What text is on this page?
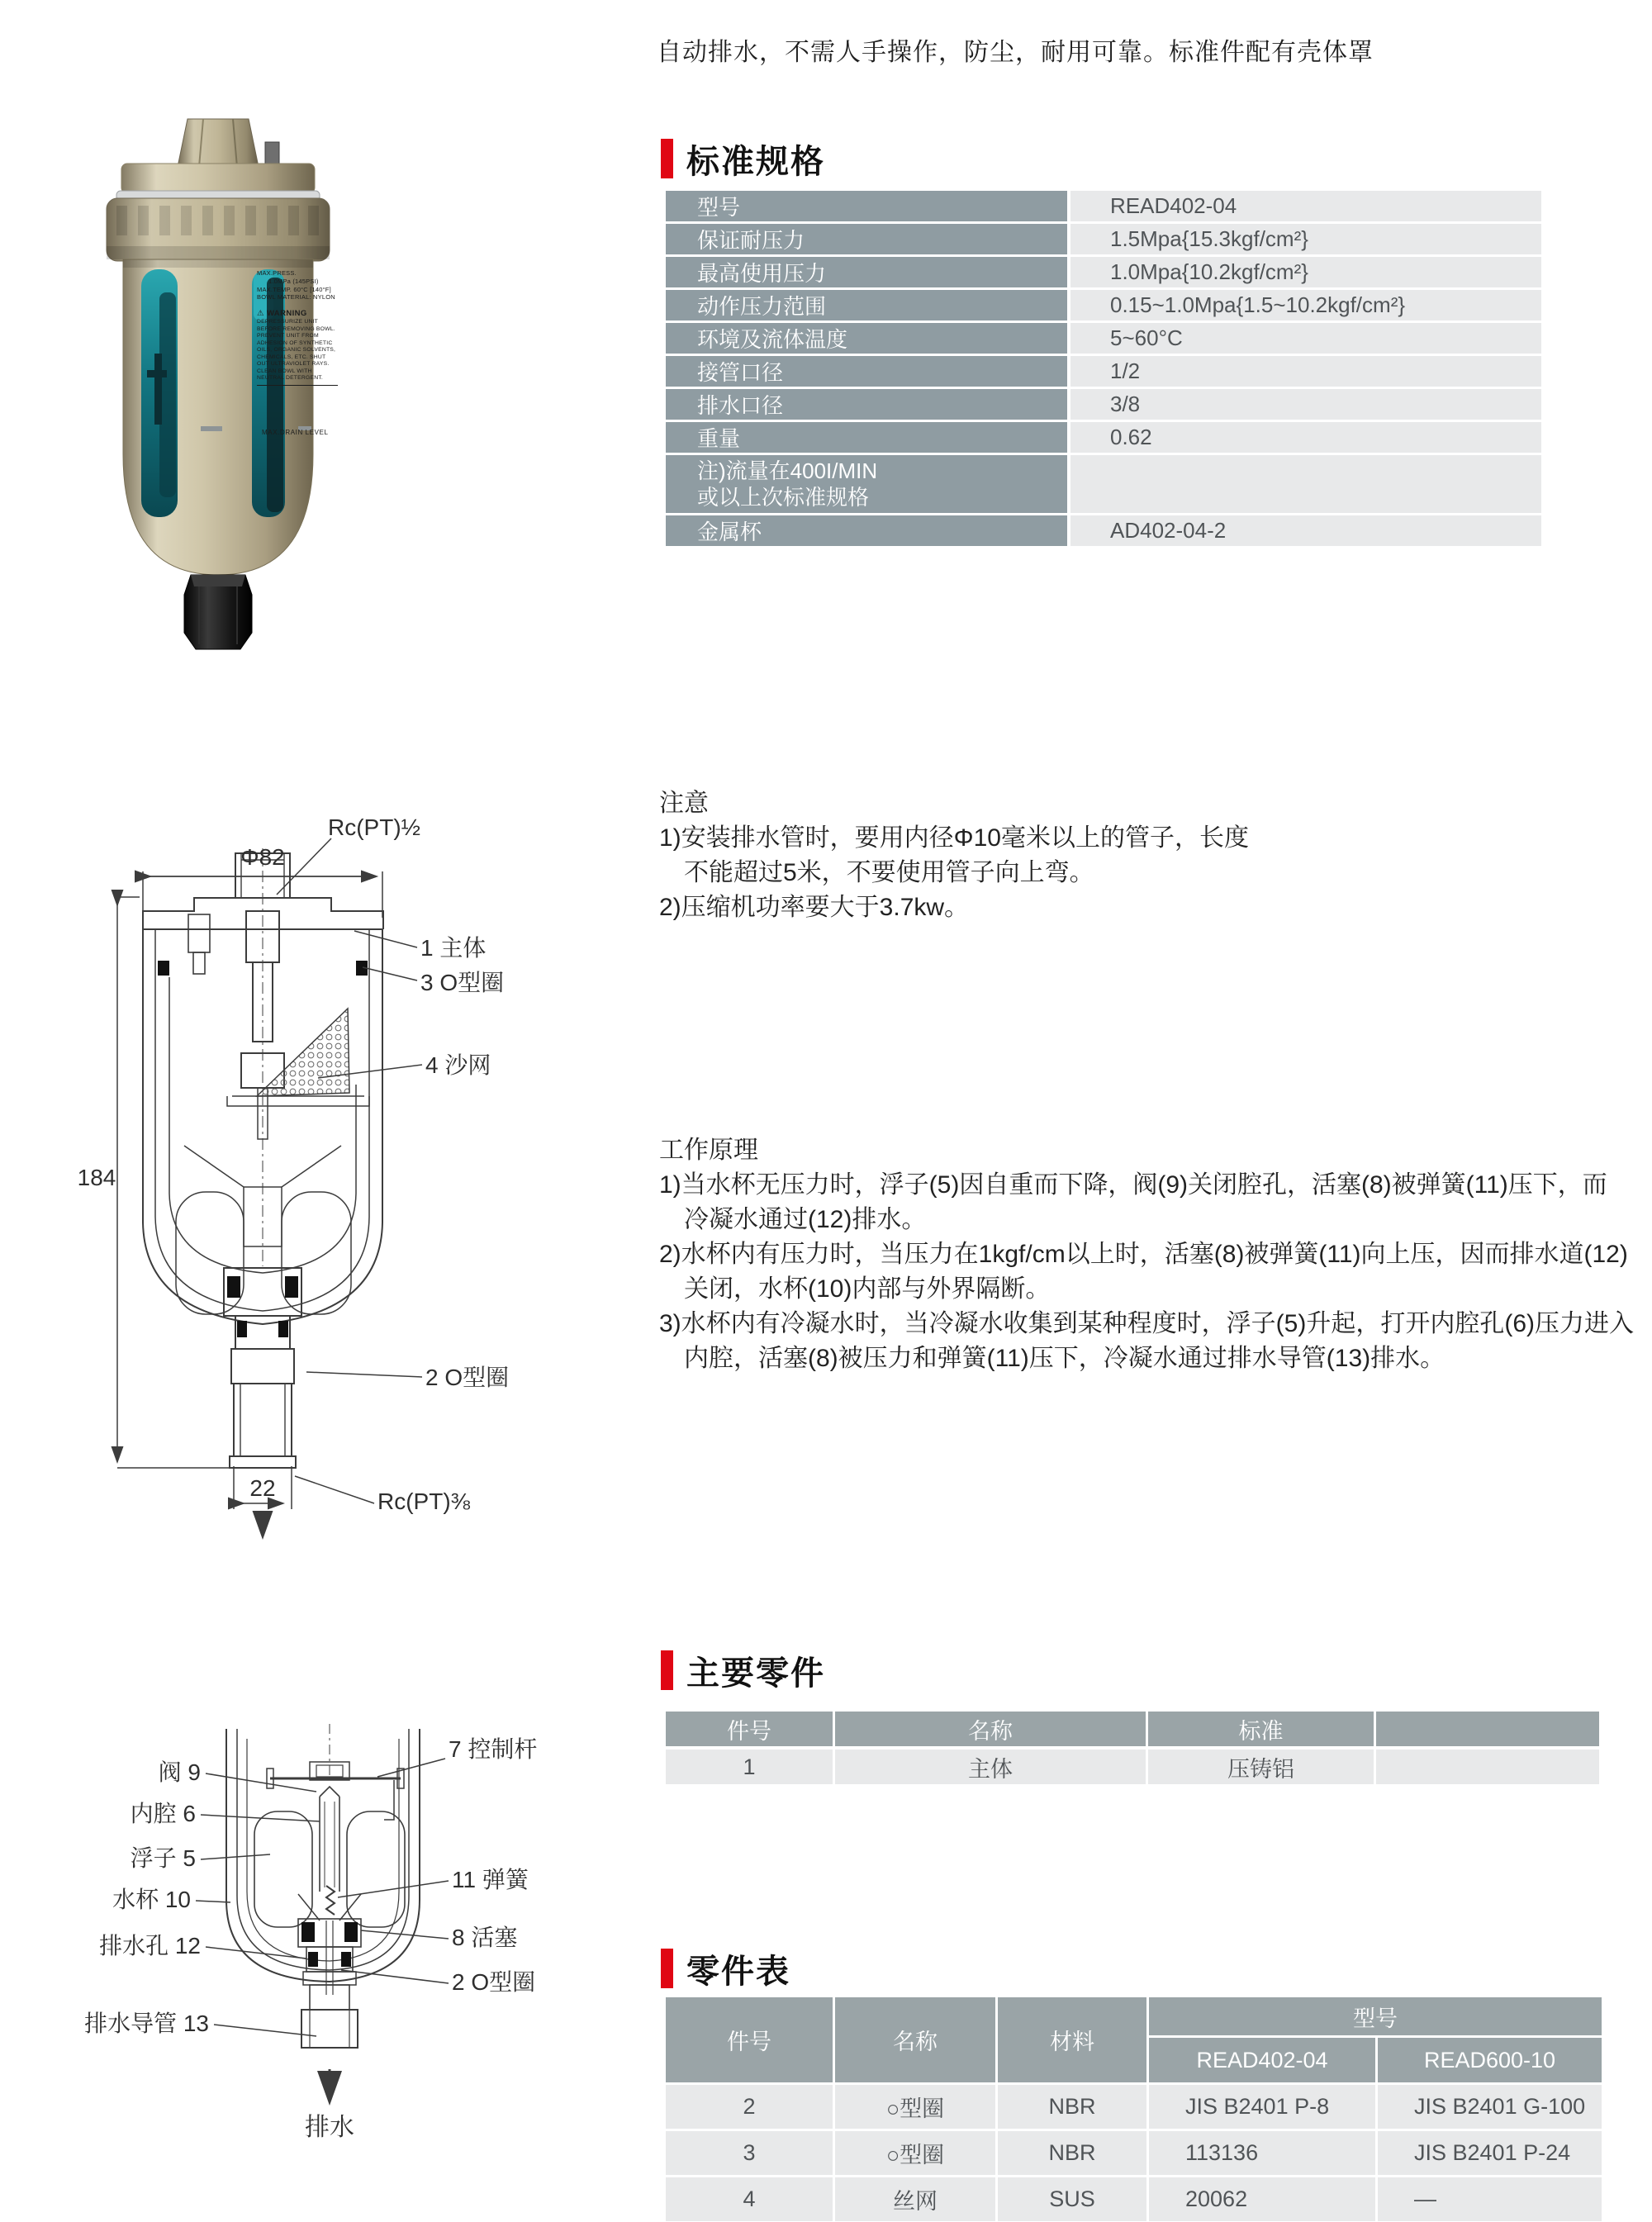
自动排水，不需人手操作，防尘，耐用可靠。标准件配有壳体罩
MAX.PRESS.
1.0MPa (145PSI)
MAX.TEMP. 60°C [140°F]
BOWL MATERIAL: NYLON
⚠ WARNING
DEPRESSURIZE UNIT BEFORE REMOVING BOWL. PREVENT UNIT FROM ADHESION OF SYNTHETIC OILS, ORGANIC SOLVENTS, CHEMICALS, ETC. SHUT OUT ULTRAVIOLET RAYS. CLEAN BOWL WITH NEUTRAL DETERGENT.
MAX.DRAIN LEVEL
标准规格
型号	READ402-04
保证耐压力	1.5Mpa{15.3kgf/cm²}
最高使用压力	1.0Mpa{10.2kgf/cm²}
动作压力范围	0.15~1.0Mpa{1.5~10.2kgf/cm²}
环境及流体温度	5~60°C
接管口径	1/2
排水口径	3/8
重量	0.62
注)流量在400I/MIN
或以上次标准规格
金属杯	AD402-04-2
Rc(PT)½
Φ82
184
22
Rc(PT)⅜
1 主体
3 O型圈
4 沙网
2 O型圈
注意
1)安装排水管时，要用内径Φ10毫米以上的管子，长度
不能超过5米，不要使用管子向上弯。
2)压缩机功率要大于3.7kw。
工作原理
1)当水杯无压力时，浮子(5)因自重而下降，阀(9)关闭腔孔，活塞(8)被弹簧(11)压下，而
冷凝水通过(12)排水。
2)水杯内有压力时，当压力在1kgf/cm以上时，活塞(8)被弹簧(11)向上压，因而排水道(12)
关闭，水杯(10)内部与外界隔断。
3)水杯内有冷凝水时，当冷凝水收集到某种程度时，浮子(5)升起，打开内腔孔(6)压力进入
内腔，活塞(8)被压力和弹簧(11)压下，冷凝水通过排水导管(13)排水。
主要零件
件号	名称	标准
1	主体	压铸铝
7 控制杆
阀 9
内腔 6
浮子 5
11 弹簧
水杯 10
排水孔 12	8 活塞
2 O型圈
排水导管 13
排水
零件表
件号	名称	材料
型号
READ402-04	READ600-10
2	○型圈	NBR	JIS B2401 P-8	JIS B2401 G-100
3	○型圈	NBR	113136	JIS B2401 P-24
4	丝网	SUS	20062	—
